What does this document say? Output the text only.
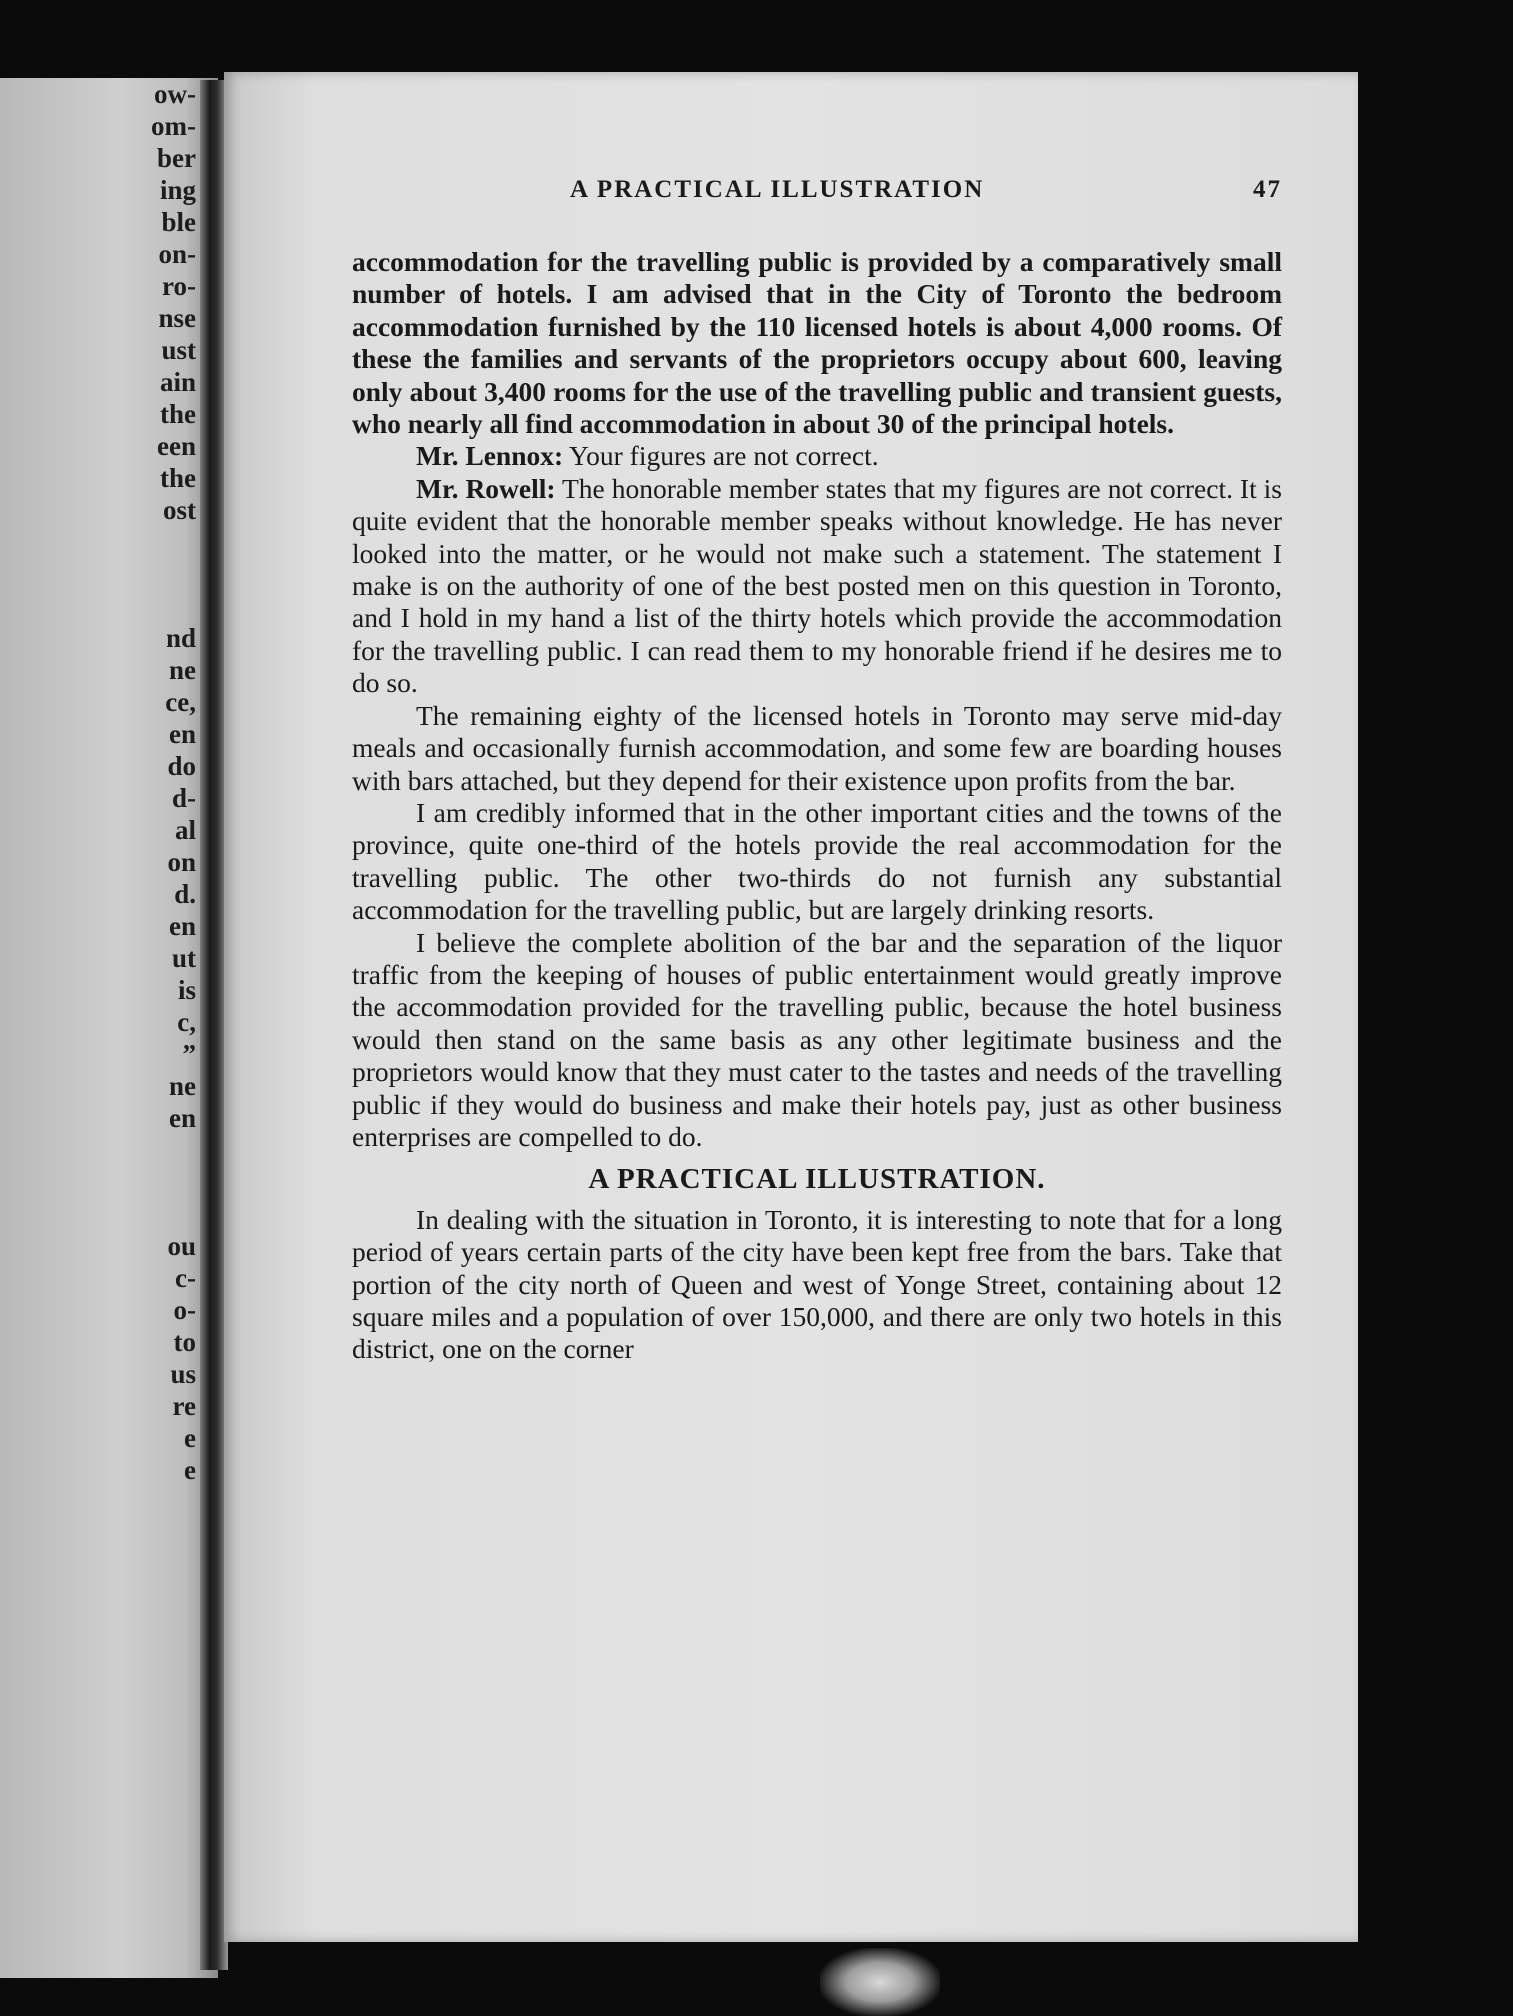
ow-
om-
ber
ing
ble
on-
ro-
nse
ust
ain
the
een
the
ost

nd
ne
ce,
en
do
d-
al
on
d.
en
ut
is
c,
”
ne
en

ou
c-
o-
to
us
re
e
e
A PRACTICAL ILLUSTRATION	47

accommodation for the travelling public is provided by a comparatively small number of hotels. I am advised that in the City of Toronto the bedroom accommodation furnished by the 110 licensed hotels is about 4,000 rooms. Of these the families and servants of the proprietors occupy about 600, leaving only about 3,400 rooms for the use of the travelling public and transient guests, who nearly all find accommodation in about 30 of the principal hotels.

Mr. Lennox: Your figures are not correct.

Mr. Rowell: The honorable member states that my figures are not correct. It is quite evident that the honorable member speaks without knowledge. He has never looked into the matter, or he would not make such a statement. The statement I make is on the authority of one of the best posted men on this question in Toronto, and I hold in my hand a list of the thirty hotels which provide the accommodation for the travelling public. I can read them to my honorable friend if he desires me to do so.

The remaining eighty of the licensed hotels in Toronto may serve mid-day meals and occasionally furnish accommodation, and some few are boarding houses with bars attached, but they depend for their existence upon profits from the bar.

I am credibly informed that in the other important cities and the towns of the province, quite one-third of the hotels provide the real accommodation for the travelling public. The other two-thirds do not furnish any substantial accommodation for the travelling public, but are largely drinking resorts.

I believe the complete abolition of the bar and the separation of the liquor traffic from the keeping of houses of public entertainment would greatly improve the accommodation provided for the travelling public, because the hotel business would then stand on the same basis as any other legitimate business and the proprietors would know that they must cater to the tastes and needs of the travelling public if they would do business and make their hotels pay, just as other business enterprises are compelled to do.

A PRACTICAL ILLUSTRATION.

In dealing with the situation in Toronto, it is interesting to note that for a long period of years certain parts of the city have been kept free from the bars. Take that portion of the city north of Queen and west of Yonge Street, containing about 12 square miles and a population of over 150,000, and there are only two hotels in this district, one on the corner
